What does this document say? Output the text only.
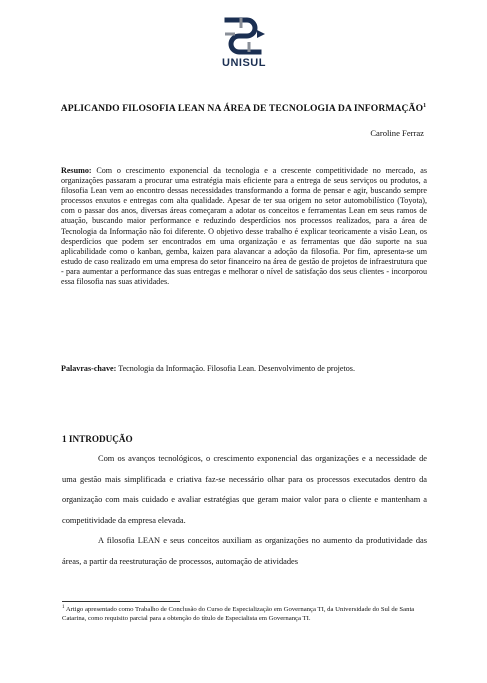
UNISUL
APLICANDO FILOSOFIA LEAN NA ÁREA DE TECNOLOGIA DA INFORMAÇÃO$^1$
Caroline Ferraz
Resumo: Com o crescimento exponencial da tecnologia e a crescente competitividade no mercado, as organizações passaram a procurar uma estratégia mais eficiente para a entrega de seus serviços ou produtos, a filosofia Lean vem ao encontro dessas necessidades transformando a forma de pensar e agir, buscando sempre processos enxutos e entregas com alta qualidade. Apesar de ter sua origem no setor automobilístico (Toyota), com o passar dos anos, diversas áreas começaram a adotar os conceitos e ferramentas Lean em seus ramos de atuação, buscando maior performance e reduzindo desperdícios nos processos realizados, para a área de Tecnologia da Informação não foi diferente. O objetivo desse trabalho é explicar teoricamente a visão Lean, os desperdícios que podem ser encontrados em uma organização e as ferramentas que dão suporte na sua aplicabilidade como o kanban, gemba, kaizen para alavancar a adoção da filosofia. Por fim, apresenta-se um estudo de caso realizado em uma empresa do setor financeiro na área de gestão de projetos de infraestrutura que - para aumentar a performance das suas entregas e melhorar o nível de satisfação dos seus clientes - incorporou essa filosofia nas suas atividades.
Palavras-chave: Tecnologia da Informação. Filosofia Lean. Desenvolvimento de projetos.
1 INTRODUÇÃO

Com os avanços tecnológicos, o crescimento exponencial das organizações e a necessidade de uma gestão mais simplificada e criativa faz-se necessário olhar para os processos executados dentro da organização com mais cuidado e avaliar estratégias que geram maior valor para o cliente e mantenham a competitividade da empresa elevada.

A filosofia LEAN e seus conceitos auxiliam as organizações no aumento da produtividade das áreas, a partir da reestruturação de processos, automação de atividades

$^1$ Artigo apresentado como Trabalho de Conclusão do Curso de Especialização em Governança TI, da Universidade do Sul de Santa Catarina, como requisito parcial para a obtenção do título de Especialista em Governança TI.
